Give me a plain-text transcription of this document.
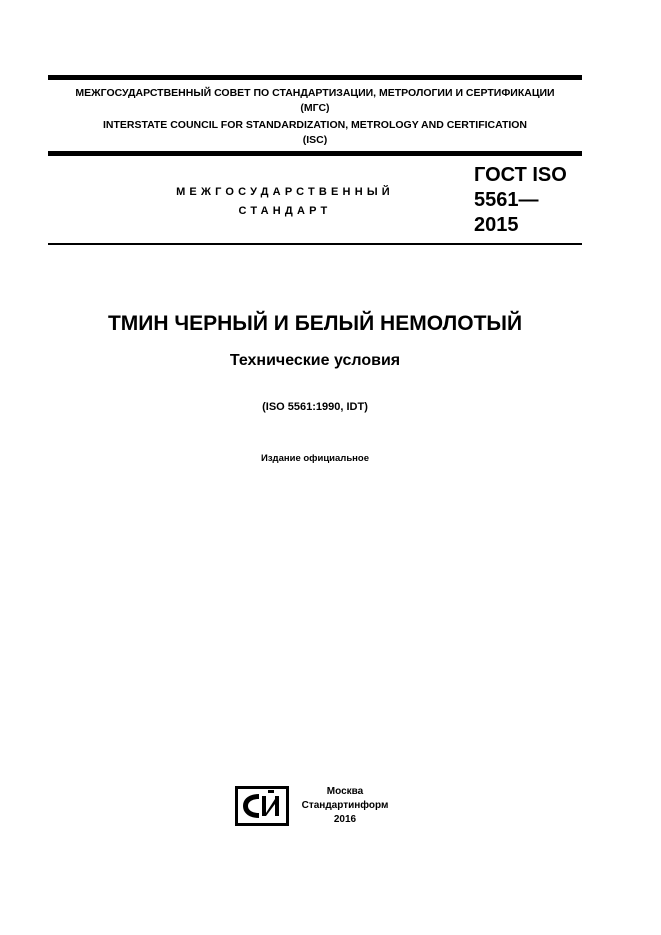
МЕЖГОСУДАРСТВЕННЫЙ СОВЕТ ПО СТАНДАРТИЗАЦИИ, МЕТРОЛОГИИ И СЕРТИФИКАЦИИ
(МГС)
INTERSTATE COUNCIL FOR STANDARDIZATION, METROLOGY AND CERTIFICATION
(ISC)
МЕЖГОСУДАРСТВЕННЫЙ
СТАНДАРТ
ГОСТ ISO
5561—
2015
ТМИН ЧЕРНЫЙ И БЕЛЫЙ НЕМОЛОТЫЙ
Технические условия
(ISO 5561:1990, IDT)
Издание официальное
Москва
Стандартинформ
2016
